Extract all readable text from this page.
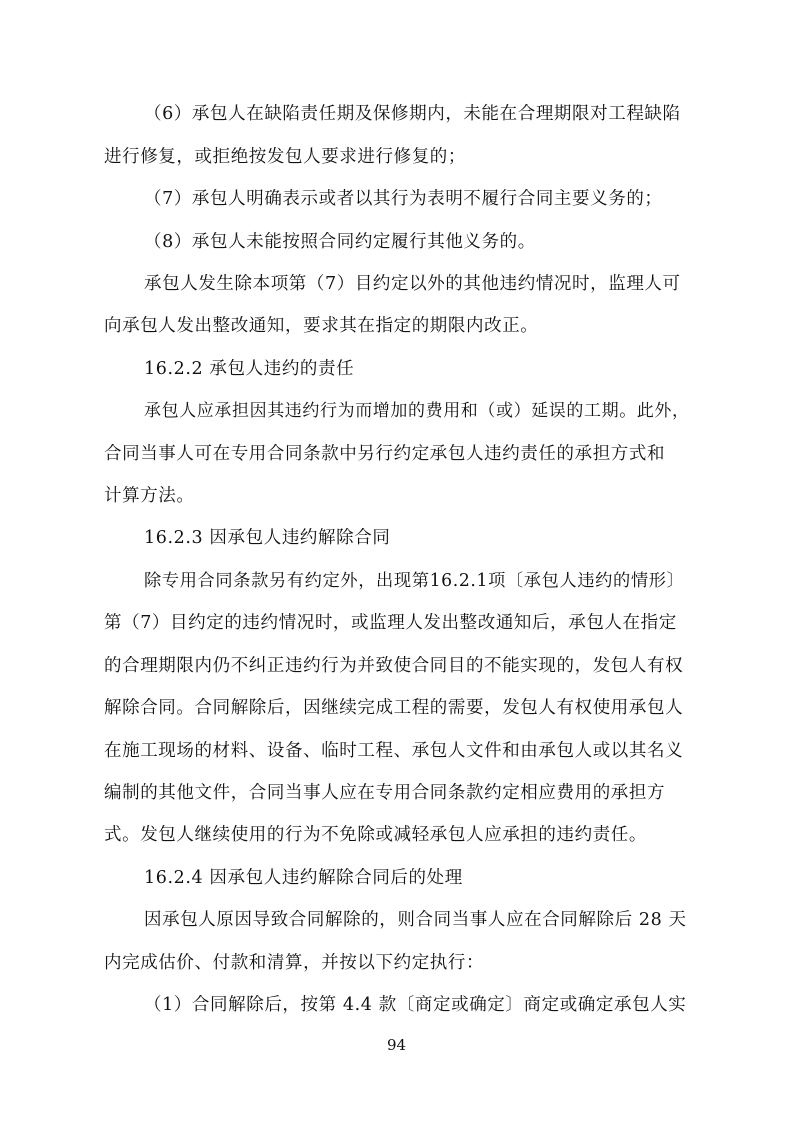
（6）承包人在缺陷责任期及保修期内，未能在合理期限对工程缺陷
进行修复，或拒绝按发包人要求进行修复的；
（7）承包人明确表示或者以其行为表明不履行合同主要义务的；
（8）承包人未能按照合同约定履行其他义务的。
承包人发生除本项第（7）目约定以外的其他违约情况时，监理人可
向承包人发出整改通知，要求其在指定的期限内改正。
16.2.2 承包人违约的责任
承包人应承担因其违约行为而增加的费用和（或）延误的工期。此外，
合同当事人可在专用合同条款中另行约定承包人违约责任的承担方式和
计算方法。
16.2.3 因承包人违约解除合同
除专用合同条款另有约定外，出现第16.2.1项〔承包人违约的情形〕
第（7）目约定的违约情况时，或监理人发出整改通知后，承包人在指定
的合理期限内仍不纠正违约行为并致使合同目的不能实现的，发包人有权
解除合同。合同解除后，因继续完成工程的需要，发包人有权使用承包人
在施工现场的材料、设备、临时工程、承包人文件和由承包人或以其名义
编制的其他文件，合同当事人应在专用合同条款约定相应费用的承担方
式。发包人继续使用的行为不免除或减轻承包人应承担的违约责任。
16.2.4 因承包人违约解除合同后的处理
因承包人原因导致合同解除的，则合同当事人应在合同解除后 28 天
内完成估价、付款和清算，并按以下约定执行：
（1）合同解除后，按第 4.4 款〔商定或确定〕商定或确定承包人实
94
